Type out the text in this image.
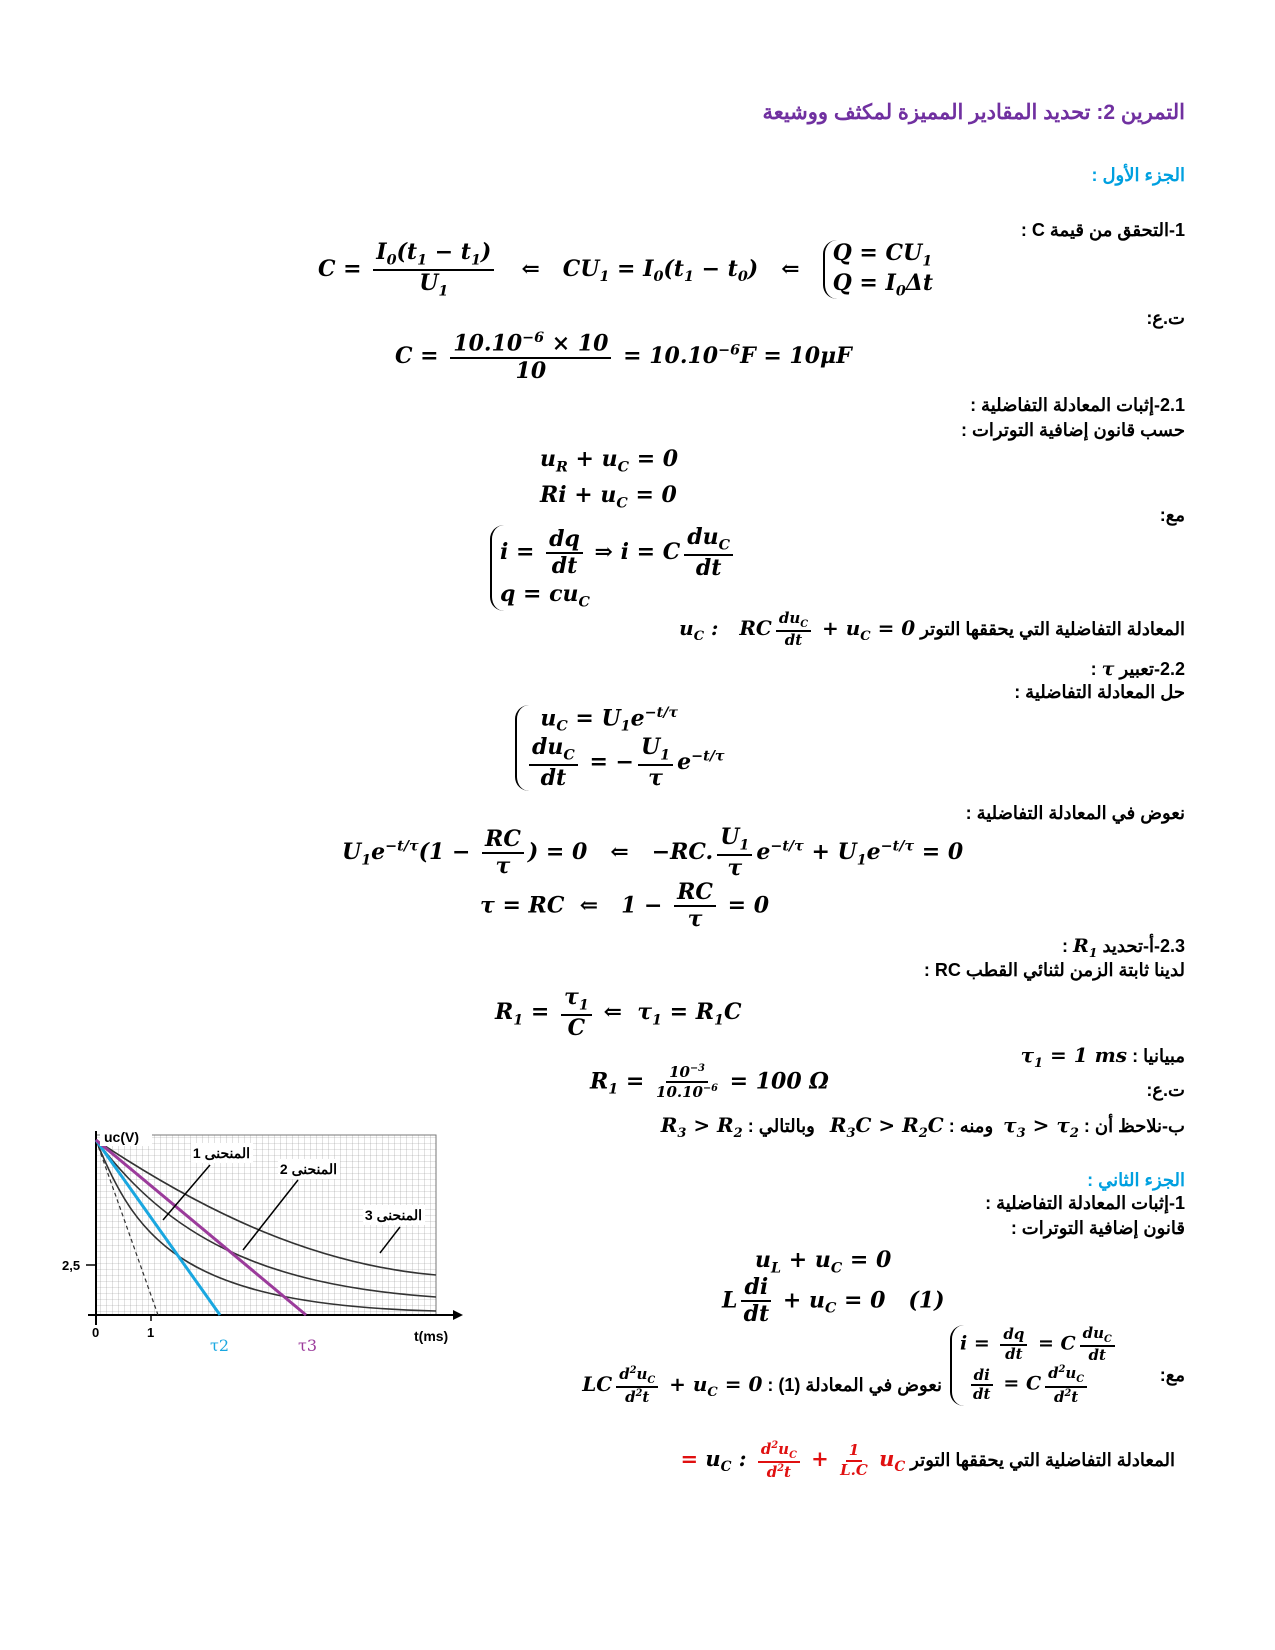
التمرين 2: تحديد المقادير المميزة لمكثف ووشيعة
الجزء الأول :
1-التحقق من قيمة C :
$C = \frac{I_0(t_1 - t_1)}{U_1}$ ⇐   $CU_1 = I_0(t_1 - t_0)$   ⇐
$Q = CU_1$
$Q = I_0\Delta t$
ت.ع:
$C = \frac{10.10^{-6} \times 10}{10} = 10.10^{-6}F = 10\mu F$
2.1-إثبات المعادلة التفاضلية :
حسب قانون إضافية التوترات :
$u_R + u_C = 0$
$Ri + u_C = 0$
مع:
$i = \frac{dq}{dt}$ ⇒ i = C $\frac{du_C}{dt}$
$q = cu_C$
المعادلة التفاضلية التي يحققها التوتر $u_C$ :   RC $\frac{du_C}{dt} + u_C = 0$
2.2-تعبير τ :
حل المعادلة التفاضلية :
$u_C = U_1e^{-t/\tau}$
$\frac{du_C}{dt}$ = − $\frac{U_1}{\tau} e^{-t/\tau}$
نعوض في المعادلة التفاضلية :
$U_1e^{-t/\tau}(1 - \frac{RC}{\tau}$ ) = 0   ⇐   −RC. $\frac{U_1}{\tau} e^{-t/\tau} + U_1e^{-t/\tau} = 0$
τ = RC  ⇐   $1 - \frac{RC}{\tau} = 0$
2.3-أ-تحديد $R_1$ :
لدينا ثابتة الزمن لثنائي القطب RC :
$R_1 = \frac{\tau_1}{C}$ ⇐  $\tau_1 = R_1C$
مبيانيا : $\tau_1 = 1$ ms
ت.ع:
$R_1 = \frac{10^{-3}}{10.10^{-6}} = 100$ Ω
ب-نلاحظ أن : $\tau_3 > \tau_2$  ومنه : $R_3C > R_2C$   وبالتالي : $R_3 > R_2$
الجزء الثاني :
1-إثبات المعادلة التفاضلية :
قانون إضافية التوترات :
$u_L + u_C = 0$
L $\frac{di}{dt} + u_C = 0$   (1)
مع:
$i = \frac{dq}{dt} = C \frac{du_C}{dt}$

$\frac{di}{dt} = C \frac{d^2u_C}{d^2t}$
نعوض في المعادلة (1) : LC $\frac{d^2u_C}{d^2t} + u_C = 0$
المعادلة التفاضلية التي يحققها التوتر $u_C$ : $\frac{d^2u_C}{d^2t} + \frac{1}{L.C} u_C$ =
uc(V)
2,5
0	1	t(ms)
τ2	τ3
المنحنى 1
المنحنى 2
المنحنى 3
